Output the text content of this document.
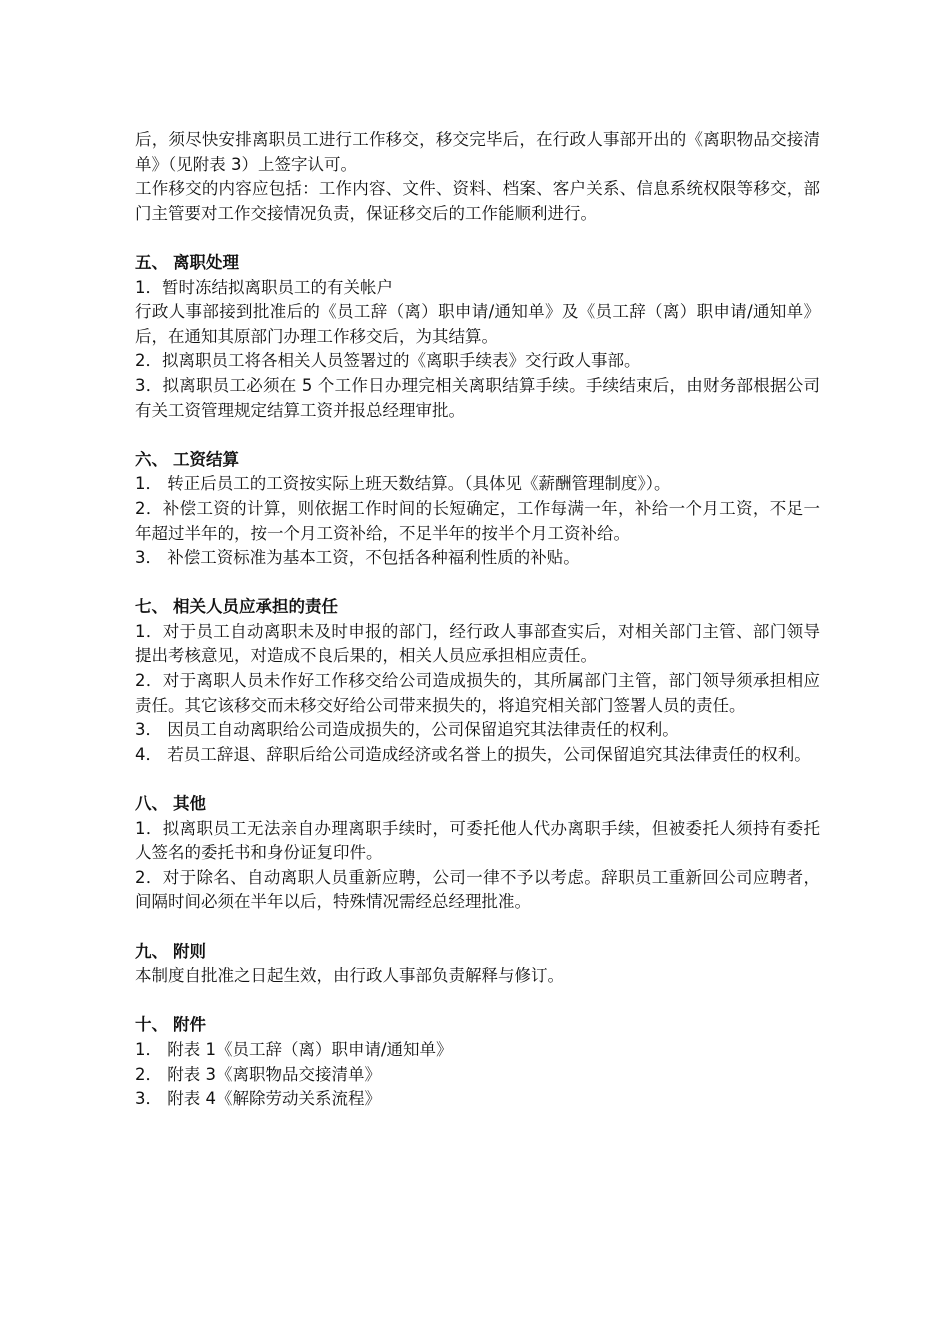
后，须尽快安排离职员工进行工作移交，移交完毕后，在行政人事部开出的《离职物品交接清单》（见附表 3）上签字认可。

工作移交的内容应包括：工作内容、文件、资料、档案、客户关系、信息系统权限等移交，部门主管要对工作交接情况负责，保证移交后的工作能顺利进行。

五、 离职处理

1．暂时冻结拟离职员工的有关帐户

行政人事部接到批准后的《员工辞（离）职申请/通知单》及《员工辞（离）职申请/通知单》后，在通知其原部门办理工作移交后，为其结算。

2．拟离职员工将各相关人员签署过的《离职手续表》交行政人事部。

3．拟离职员工必须在 5 个工作日办理完相关离职结算手续。手续结束后，由财务部根据公司有关工资管理规定结算工资并报总经理审批。

六、 工资结算

1． 转正后员工的工资按实际上班天数结算。（具体见《薪酬管理制度》）。

2．补偿工资的计算，则依据工作时间的长短确定，工作每满一年，补给一个月工资，不足一年超过半年的，按一个月工资补给，不足半年的按半个月工资补给。

3． 补偿工资标准为基本工资，不包括各种福利性质的补贴。

七、 相关人员应承担的责任

1．对于员工自动离职未及时申报的部门，经行政人事部查实后，对相关部门主管、部门领导提出考核意见，对造成不良后果的，相关人员应承担相应责任。

2．对于离职人员未作好工作移交给公司造成损失的，其所属部门主管，部门领导须承担相应责任。其它该移交而未移交好给公司带来损失的，将追究相关部门签署人员的责任。

3． 因员工自动离职给公司造成损失的，公司保留追究其法律责任的权利。

4． 若员工辞退、辞职后给公司造成经济或名誉上的损失，公司保留追究其法律责任的权利。

八、 其他

1．拟离职员工无法亲自办理离职手续时，可委托他人代办离职手续，但被委托人须持有委托人签名的委托书和身份证复印件。

2．对于除名、自动离职人员重新应聘，公司一律不予以考虑。辞职员工重新回公司应聘者，间隔时间必须在半年以后，特殊情况需经总经理批准。

九、 附则

本制度自批准之日起生效，由行政人事部负责解释与修订。

十、 附件

1． 附表 1《员工辞（离）职申请/通知单》

2． 附表 3《离职物品交接清单》

3． 附表 4《解除劳动关系流程》
